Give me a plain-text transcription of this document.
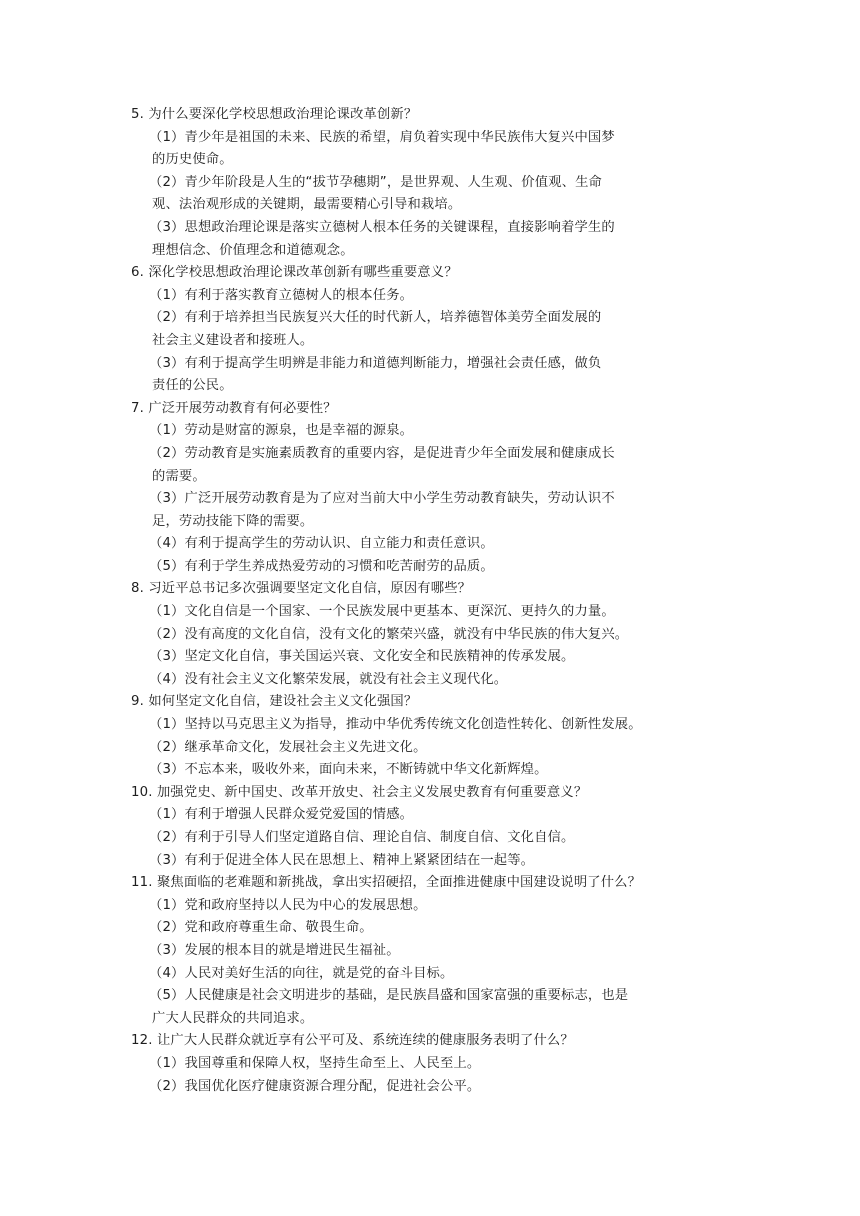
5. 为什么要深化学校思想政治理论课改革创新？
（1）青少年是祖国的未来、民族的希望，肩负着实现中华民族伟大复兴中国梦
的历史使命。
（2）青少年阶段是人生的“拔节孕穗期”，是世界观、人生观、价值观、生命
观、法治观形成的关键期，最需要精心引导和栽培。
（3）思想政治理论课是落实立德树人根本任务的关键课程，直接影响着学生的
理想信念、价值理念和道德观念。
6. 深化学校思想政治理论课改革创新有哪些重要意义？
（1）有利于落实教育立德树人的根本任务。
（2）有利于培养担当民族复兴大任的时代新人，培养德智体美劳全面发展的
社会主义建设者和接班人。
（3）有利于提高学生明辨是非能力和道德判断能力，增强社会责任感，做负
责任的公民。
7. 广泛开展劳动教育有何必要性？
（1）劳动是财富的源泉，也是幸福的源泉。
（2）劳动教育是实施素质教育的重要内容，是促进青少年全面发展和健康成长
的需要。
（3）广泛开展劳动教育是为了应对当前大中小学生劳动教育缺失，劳动认识不
足，劳动技能下降的需要。
（4）有利于提高学生的劳动认识、自立能力和责任意识。
（5）有利于学生养成热爱劳动的习惯和吃苦耐劳的品质。
8. 习近平总书记多次强调要坚定文化自信，原因有哪些？
（1）文化自信是一个国家、一个民族发展中更基本、更深沉、更持久的力量。
（2）没有高度的文化自信，没有文化的繁荣兴盛，就没有中华民族的伟大复兴。
（3）坚定文化自信，事关国运兴衰、文化安全和民族精神的传承发展。
（4）没有社会主义文化繁荣发展，就没有社会主义现代化。
9. 如何坚定文化自信，建设社会主义文化强国？
（1）坚持以马克思主义为指导，推动中华优秀传统文化创造性转化、创新性发展。
（2）继承革命文化，发展社会主义先进文化。
（3）不忘本来，吸收外来，面向未来，不断铸就中华文化新辉煌。
10. 加强党史、新中国史、改革开放史、社会主义发展史教育有何重要意义？
（1）有利于增强人民群众爱党爱国的情感。
（2）有利于引导人们坚定道路自信、理论自信、制度自信、文化自信。
（3）有利于促进全体人民在思想上、精神上紧紧团结在一起等。
11. 聚焦面临的老难题和新挑战，拿出实招硬招，全面推进健康中国建设说明了什么？
（1）党和政府坚持以人民为中心的发展思想。
（2）党和政府尊重生命、敬畏生命。
（3）发展的根本目的就是增进民生福祉。
（4）人民对美好生活的向往，就是党的奋斗目标。
（5）人民健康是社会文明进步的基础，是民族昌盛和国家富强的重要标志，也是
广大人民群众的共同追求。
12. 让广大人民群众就近享有公平可及、系统连续的健康服务表明了什么？
（1）我国尊重和保障人权，坚持生命至上、人民至上。
（2）我国优化医疗健康资源合理分配，促进社会公平。
